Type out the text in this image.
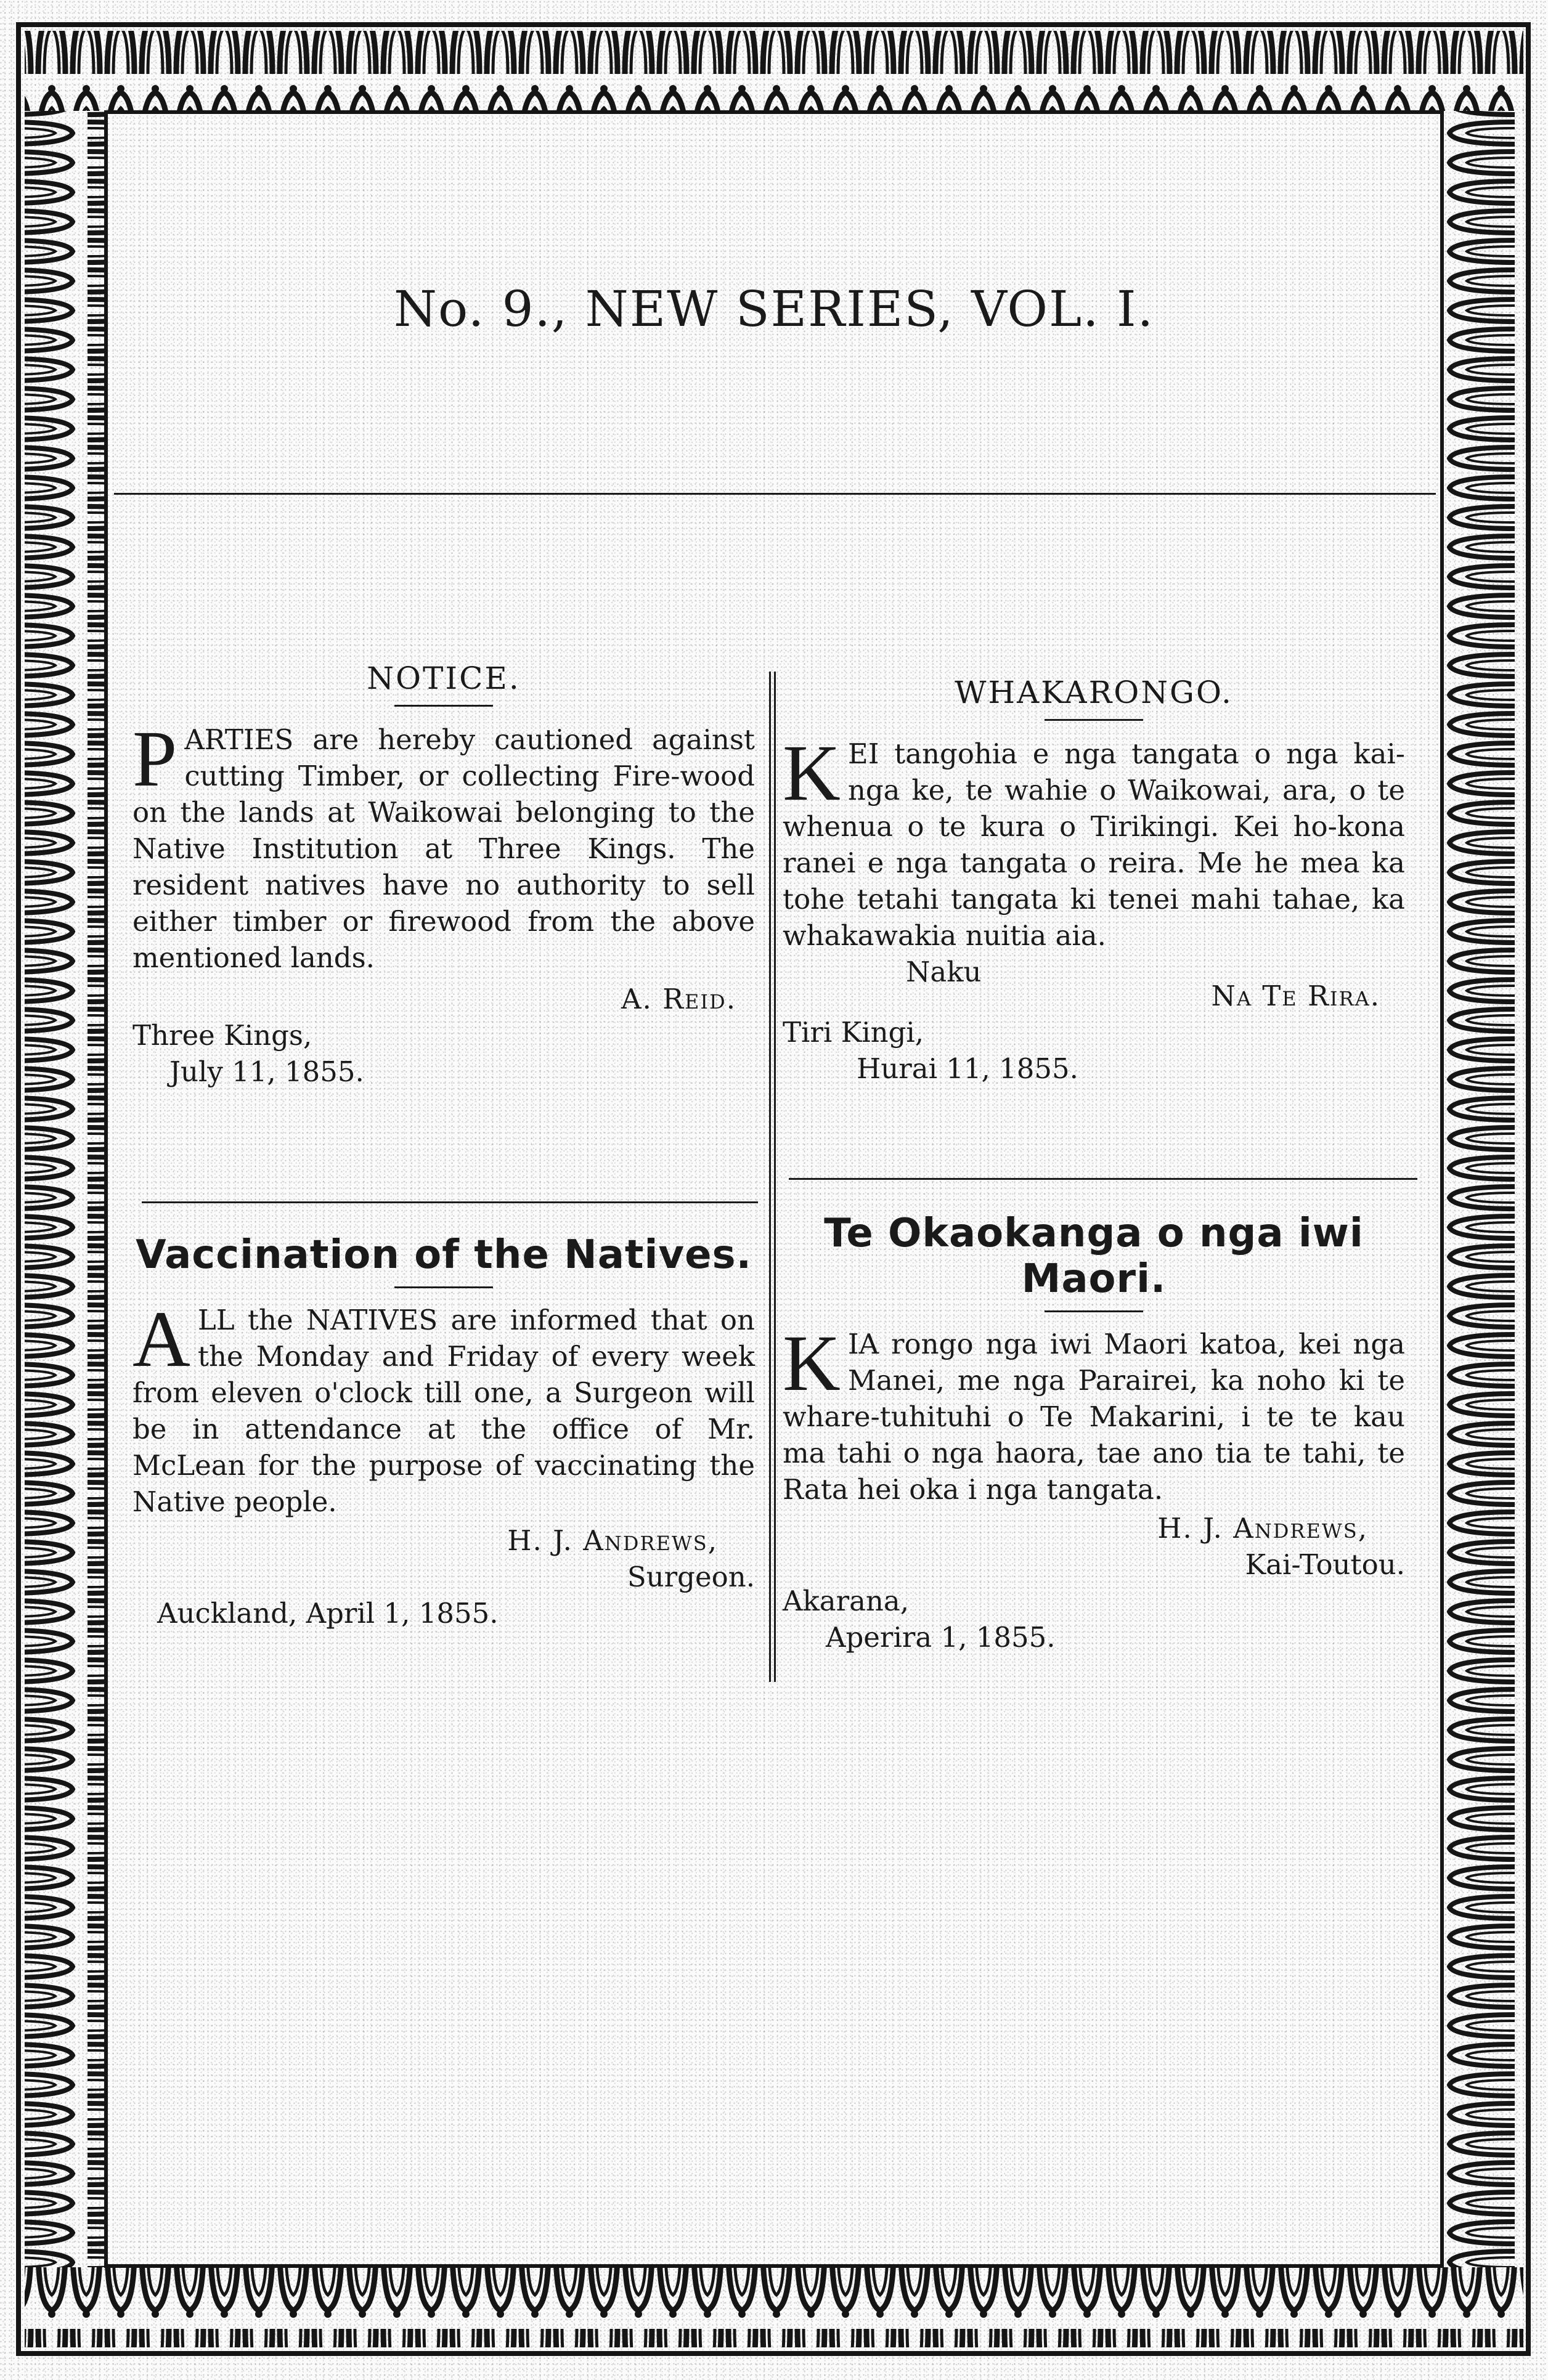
No. 9., NEW SERIES, VOL. I.
NOTICE.
P ARTIES are hereby cautioned against cutting Timber, or collecting Fire-wood on the lands at Waikowai belonging to the Native Institution at Three Kings. The resident natives have no authority to sell either timber or firewood from the above mentioned lands.
A. Reid.
Three Kings,
July 11, 1855.
WHAKARONGO.
K EI tangohia e nga tangata o nga kai-nga ke, te wahie o Waikowai, ara, o te whenua o te kura o Tirikingi. Kei ho-kona ranei e nga tangata o reira. Me he mea ka tohe tetahi tangata ki tenei mahi tahae, ka whakawakia nuitia aia.
Naku
Na Te Rira.
Tiri Kingi,
Hurai 11, 1855.
Vaccination of the Natives.
A LL the NATIVES are informed that on the Monday and Friday of every week from eleven o'clock till one, a Surgeon will be in attendance at the office of Mr. McLean for the purpose of vaccinating the Native people.
H. J. Andrews,
Surgeon.
Auckland, April 1, 1855.
Te Okaokanga o nga iwi Maori.
K IA rongo nga iwi Maori katoa, kei nga Manei, me nga Parairei, ka noho ki te whare-tuhituhi o Te Makarini, i te te kau ma tahi o nga haora, tae ano tia te tahi, te Rata hei oka i nga tangata.
H. J. Andrews,
Kai-Toutou.
Akarana,
Aperira 1, 1855.
